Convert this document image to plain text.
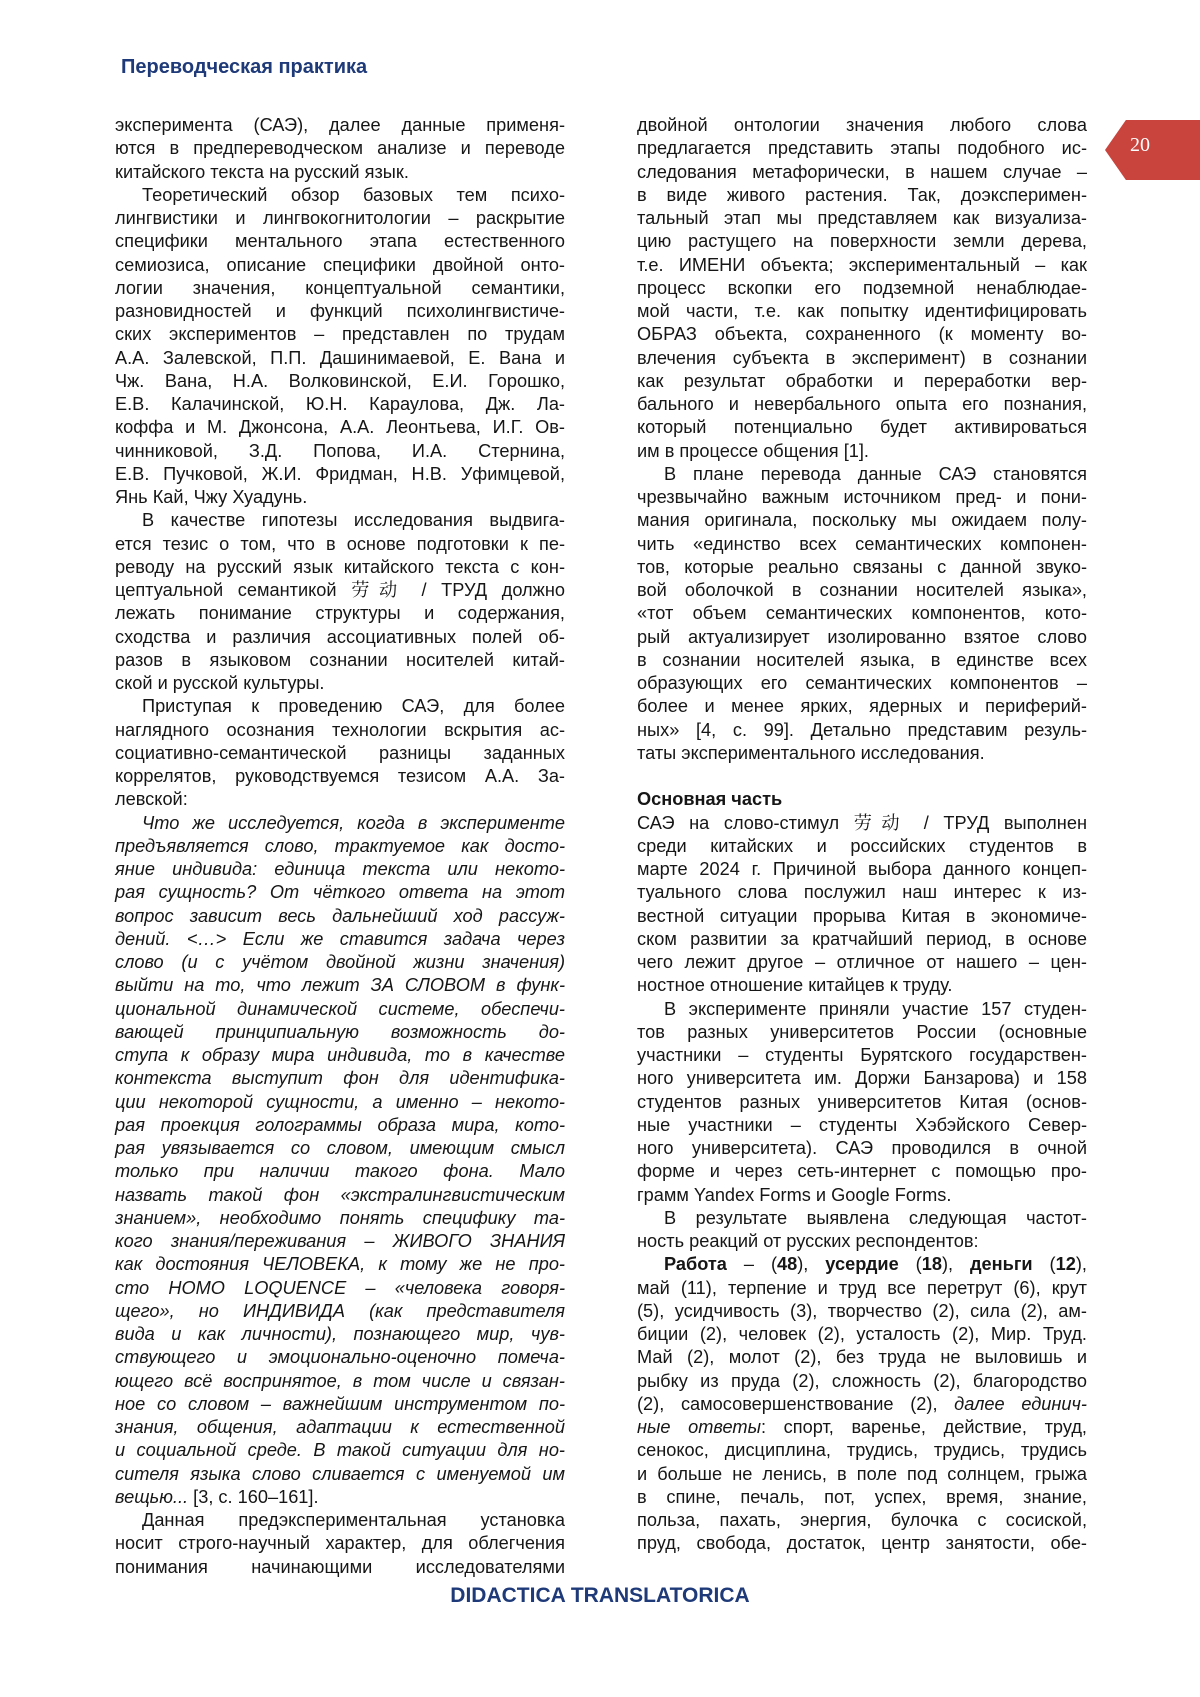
Переводческая практика
20
эксперимента (САЭ), далее данные применя-
ются в предпереводческом анализе и переводе
китайского текста на русский язык.
Теоретический обзор базовых тем психо-
лингвистики и лингвокогнитологии – раскрытие
специфики ментального этапа естественного
семиозиса, описание специфики двойной онто-
логии значения, концептуальной семантики,
разновидностей и функций психолингвистиче-
ских экспериментов – представлен по трудам
А.А. Залевской, П.П. Дашинимаевой, Е. Вана и
Чж. Вана, Н.А. Волковинской, Е.И. Горошко,
Е.В. Калачинской, Ю.Н. Караулова, Дж. Ла-
коффа и М. Джонсона, А.А. Леонтьева, И.Г. Ов-
чинниковой, З.Д. Попова, И.А. Стернина,
Е.В. Пучковой, Ж.И. Фридман, Н.В. Уфимцевой,
Янь Кай, Чжу Хуадунь.
В качестве гипотезы исследования выдвига-
ется тезис о том, что в основе подготовки к пе-
реводу на русский язык китайского текста с кон-
цептуальной семантикой 劳动 / ТРУД должно
лежать понимание структуры и содержания,
сходства и различия ассоциативных полей об-
разов в языковом сознании носителей китай-
ской и русской культуры.
Приступая к проведению САЭ, для более
наглядного осознания технологии вскрытия ас-
социативно-семантической разницы заданных
коррелятов, руководствуемся тезисом А.А. За-
левской:
Что же исследуется, когда в эксперименте
предъявляется слово, трактуемое как досто-
яние индивида: единица текста или некото-
рая сущность? От чёткого ответа на этот
вопрос зависит весь дальнейший ход рассуж-
дений. <…> Если же ставится задача через
слово (и с учётом двойной жизни значения)
выйти на то, что лежит ЗА СЛОВОМ в функ-
циональной динамической системе, обеспечи-
вающей принципиальную возможность до-
ступа к образу мира индивида, то в качестве
контекста выступит фон для идентифика-
ции некоторой сущности, а именно – некото-
рая проекция голограммы образа мира, кото-
рая увязывается со словом, имеющим смысл
только при наличии такого фона. Мало
назвать такой фон «экстралингвистическим
знанием», необходимо понять специфику та-
кого знания/переживания – ЖИВОГО ЗНАНИЯ
как достояния ЧЕЛОВЕКА, к тому же не про-
сто HOMO LOQUENCE – «человека говоря-
щего», но ИНДИВИДА (как представителя
вида и как личности), познающего мир, чув-
ствующего и эмоционально-оценочно помеча-
ющего всё воспринятое, в том числе и связан-
ное со словом – важнейшим инструментом по-
знания, общения, адаптации к естественной
и социальной среде. В такой ситуации для но-
сителя языка слово сливается с именуемой им
вещью... [3, с. 160–161].
Данная предэкспериментальная установка
носит строго-научный характер, для облегчения
понимания начинающими исследователями
двойной онтологии значения любого слова
предлагается представить этапы подобного ис-
следования метафорически, в нашем случае –
в виде живого растения. Так, доэксперимен-
тальный этап мы представляем как визуализа-
цию растущего на поверхности земли дерева,
т.е. ИМЕНИ объекта; экспериментальный – как
процесс вскопки его подземной ненаблюдае-
мой части, т.е. как попытку идентифицировать
ОБРАЗ объекта, сохраненного (к моменту во-
влечения субъекта в эксперимент) в сознании
как результат обработки и переработки вер-
бального и невербального опыта его познания,
который потенциально будет активироваться
им в процессе общения [1].
В плане перевода данные САЭ становятся
чрезвычайно важным источником пред- и пони-
мания оригинала, поскольку мы ожидаем полу-
чить «единство всех семантических компонен-
тов, которые реально связаны с данной звуко-
вой оболочкой в сознании носителей языка»,
«тот объем семантических компонентов, кото-
рый актуализирует изолированно взятое слово
в сознании носителей языка, в единстве всех
образующих его семантических компонентов –
более и менее ярких, ядерных и периферий-
ных» [4, с. 99]. Детально представим резуль-
таты экспериментального исследования.
Основная часть
САЭ на слово-стимул 劳动 / ТРУД выполнен
среди китайских и российских студентов в
марте 2024 г. Причиной выбора данного концеп-
туального слова послужил наш интерес к из-
вестной ситуации прорыва Китая в экономиче-
ском развитии за кратчайший период, в основе
чего лежит другое – отличное от нашего – цен-
ностное отношение китайцев к труду.
В эксперименте приняли участие 157 студен-
тов разных университетов России (основные
участники – студенты Бурятского государствен-
ного университета им. Доржи Банзарова) и 158
студентов разных университетов Китая (основ-
ные участники – студенты Хэбэйского Север-
ного университета). САЭ проводился в очной
форме и через сеть-интернет с помощью про-
грамм Yandex Forms и Google Forms.
В результате выявлена следующая частот-
ность реакций от русских респондентов:
Работа – (48), усердие (18), деньги (12),
май (11), терпение и труд все перетрут (6), крут
(5), усидчивость (3), творчество (2), сила (2), ам-
биции (2), человек (2), усталость (2), Мир. Труд.
Май (2), молот (2), без труда не выловишь и
рыбку из пруда (2), сложность (2), благородство
(2), самосовершенствование (2), далее единич-
ные ответы: спорт, варенье, действие, труд,
сенокос, дисциплина, трудись, трудись, трудись
и больше не ленись, в поле под солнцем, грыжа
в спине, печаль, пот, успех, время, знание,
польза, пахать, энергия, булочка с сосиской,
пруд, свобода, достаток, центр занятости, обе-
DIDACTICA TRANSLATORICA
